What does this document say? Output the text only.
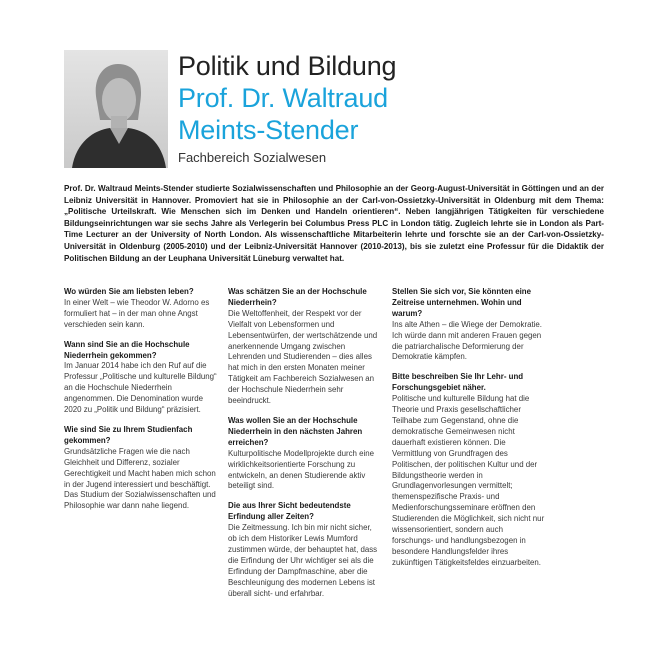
Politik und Bildung
Prof. Dr. Waltraud
Meints-Stender
Fachbereich Sozialwesen
Prof. Dr. Waltraud Meints-Stender studierte Sozialwissenschaften und Philosophie an der Georg-August-Universität in Göttingen und an der Leibniz Universität in Hannover. Promoviert hat sie in Philosophie an der Carl-von-Ossietzky-Universität in Oldenburg mit dem Thema: „Politische Urteilskraft. Wie Menschen sich im Denken und Handeln orientieren“. Neben langjährigen Tätigkeiten für verschiedene Bildungseinrichtungen war sie sechs Jahre als Verlegerin bei Columbus Press PLC in London tätig. Zugleich lehrte sie in London als Part-Time Lecturer an der University of North London. Als wissenschaftliche Mitarbeiterin lehrte und forschte sie an der Carl-von-Ossietzky-Universität in Oldenburg (2005-2010) und der Leibniz-Universität Hannover (2010-2013), bis sie zuletzt eine Professur für die Didaktik der Politischen Bildung an der Leuphana Universität Lüneburg verwaltet hat.
Wo würden Sie am liebsten leben?
In einer Welt – wie Theodor W. Adorno es formuliert hat – in der man ohne Angst verschieden sein kann.
Wann sind Sie an die Hochschule Niederrhein gekommen?
Im Januar 2014 habe ich den Ruf auf die Professur „Politische und kulturelle Bildung“ an die Hochschule Niederrhein angenommen. Die Denomination wurde 2020 zu „Politik und Bildung“ präzisiert.
Wie sind Sie zu Ihrem Studienfach gekommen?
Grundsätzliche Fragen wie die nach Gleichheit und Differenz, sozialer Gerechtigkeit und Macht haben mich schon in der Jugend interessiert und beschäftigt. Das Studium der Sozialwissenschaften und Philosophie war dann nahe liegend.
Was schätzen Sie an der Hochschule Niederrhein?
Die Weltoffenheit, der Respekt vor der Vielfalt von Lebensformen und Lebensentwürfen, der wertschätzende und anerkennende Umgang zwischen Lehrenden und Studierenden – dies alles hat mich in den ersten Monaten meiner Tätigkeit am Fachbereich Sozialwesen an der Hochschule Niederrhein sehr beeindruckt.
Was wollen Sie an der Hochschule Niederrhein in den nächsten Jahren erreichen?
Kulturpolitische Modellprojekte durch eine wirklichkeitsorientierte Forschung zu entwickeln, an denen Studierende aktiv beteiligt sind.
Die aus Ihrer Sicht bedeutendste Erfindung aller Zeiten?
Die Zeitmessung. Ich bin mir nicht sicher, ob ich dem Historiker Lewis Mumford zustimmen würde, der behauptet hat, dass die Erfindung der Uhr wichtiger sei als die Erfindung der Dampfmaschine, aber die Beschleunigung des modernen Lebens ist überall sicht- und erfahrbar.
Stellen Sie sich vor, Sie könnten eine Zeitreise unternehmen. Wohin und warum?
Ins alte Athen – die Wiege der Demokratie. Ich würde dann mit anderen Frauen gegen die patriarchalische Deformierung der Demokratie kämpfen.
Bitte beschreiben Sie Ihr Lehr- und Forschungsgebiet näher.
Politische und kulturelle Bildung hat die Theorie und Praxis gesellschaftlicher Teilhabe zum Gegenstand, ohne die demokratische Gemeinwesen nicht dauerhaft existieren können. Die Vermittlung von Grundfragen des Politischen, der politischen Kultur und der Bildungstheorie werden in Grundlagenvorlesungen vermittelt; themenspezifische Praxis- und Medienforschungsseminare eröffnen den Studierenden die Möglichkeit, sich nicht nur wissensorientiert, sondern auch forschungs- und handlungsbezogen in besondere Handlungsfelder ihres zukünftigen Tätigkeitsfeldes einzuarbeiten.
